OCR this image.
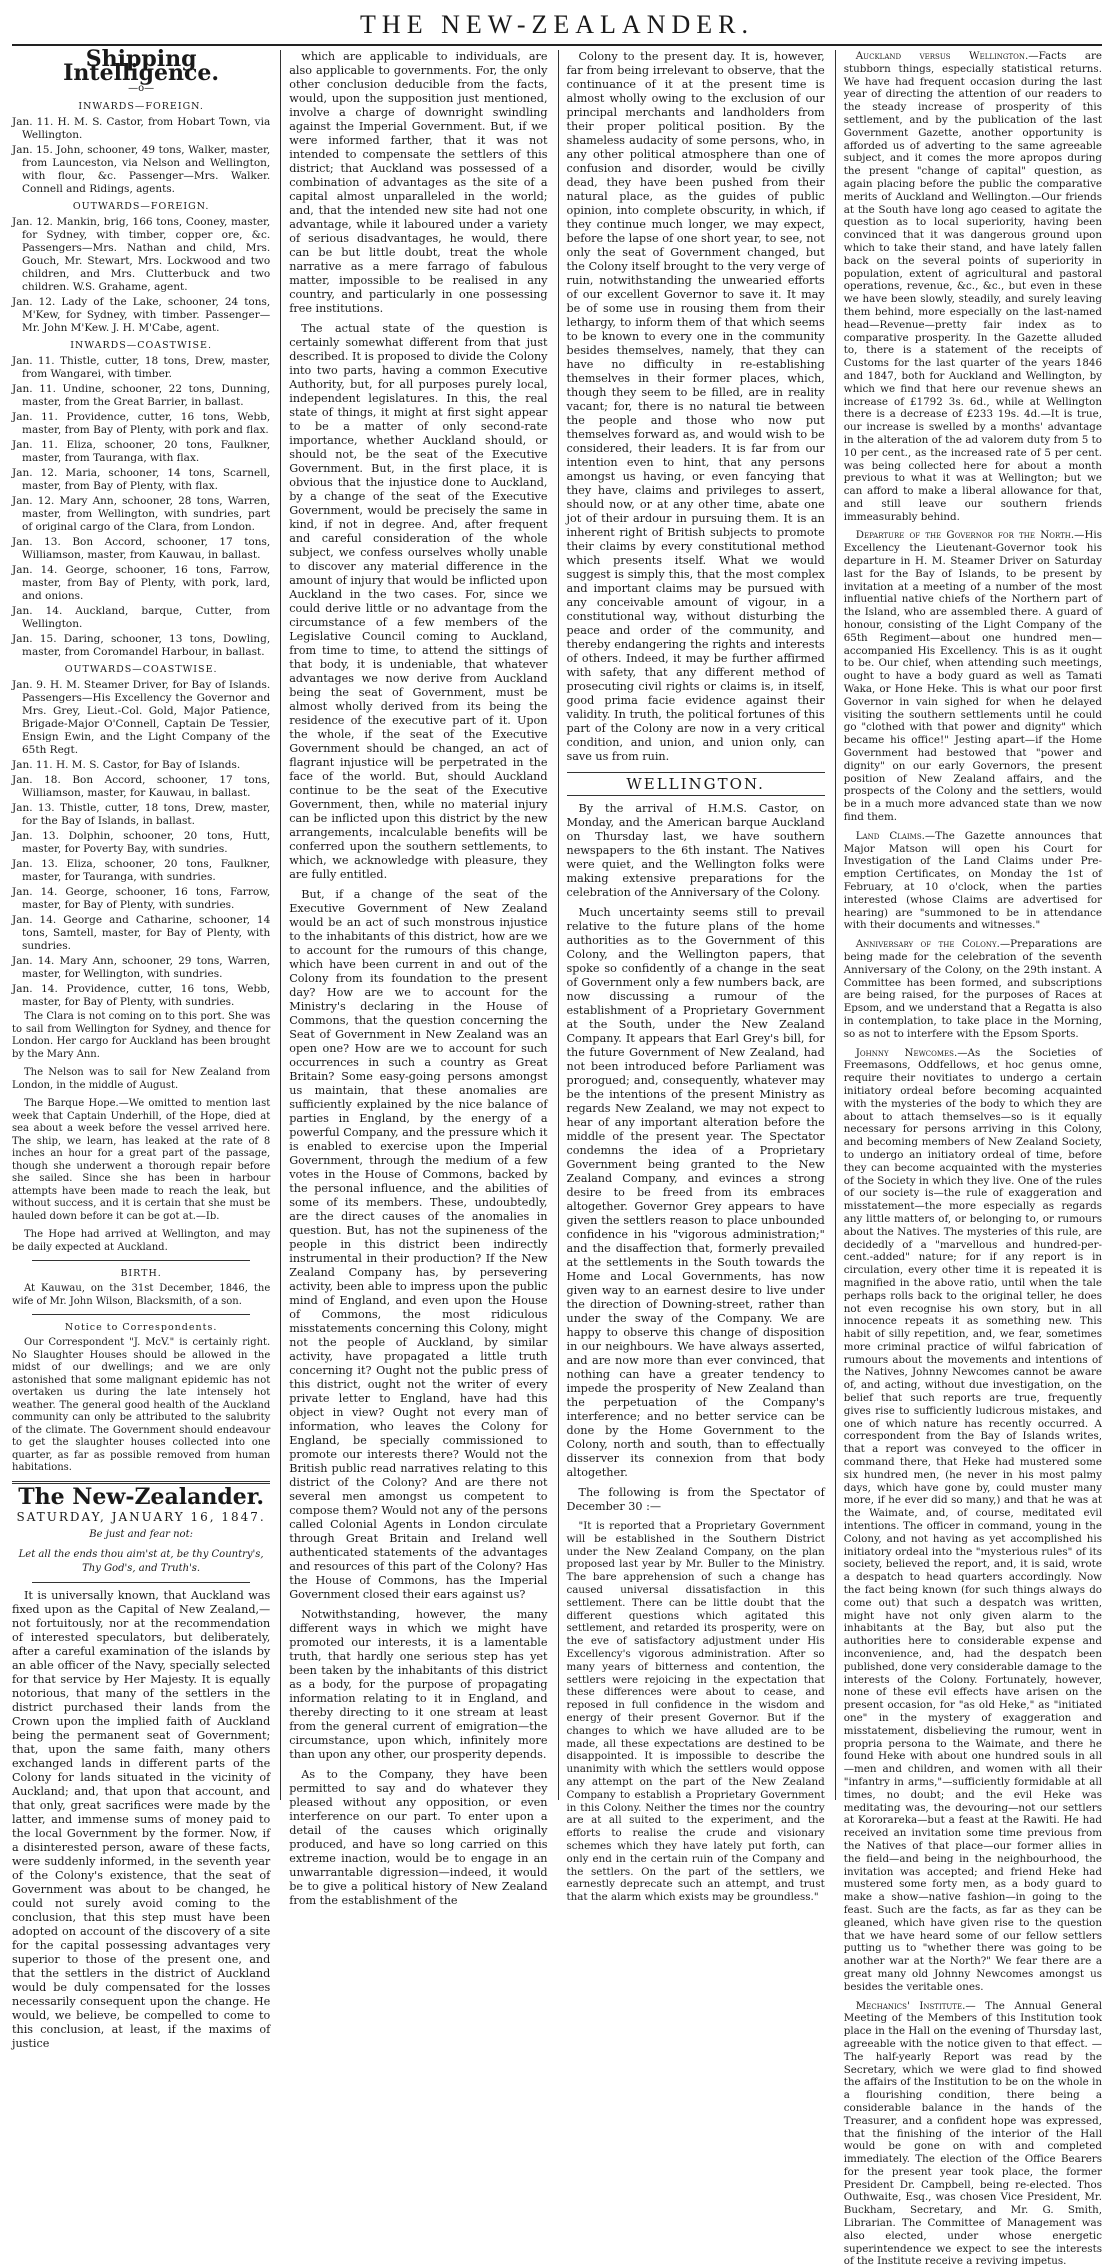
THE NEW-ZEALANDER.
Shipping Intelligence.
—o—
INWARDS—FOREIGN.

Jan. 11. H. M. S. Castor, from Hobart Town, via Wellington.

Jan. 15. John, schooner, 49 tons, Walker, master, from Launceston, via Nelson and Wellington, with flour, &c. Passenger—Mrs. Walker. Connell and Ridings, agents.

OUTWARDS—FOREIGN.

Jan. 12. Mankin, brig, 166 tons, Cooney, master, for Sydney, with timber, copper ore, &c. Passengers—Mrs. Nathan and child, Mrs. Gouch, Mr. Stewart, Mrs. Lockwood and two children, and Mrs. Clutterbuck and two children. W.S. Grahame, agent.

Jan. 12. Lady of the Lake, schooner, 24 tons, M'Kew, for Sydney, with timber. Passenger—Mr. John M'Kew. J. H. M'Cabe, agent.

INWARDS—COASTWISE.

Jan. 11. Thistle, cutter, 18 tons, Drew, master, from Wangarei, with timber.

Jan. 11. Undine, schooner, 22 tons, Dunning, master, from the Great Barrier, in ballast.

Jan. 11. Providence, cutter, 16 tons, Webb, master, from Bay of Plenty, with pork and flax.

Jan. 11. Eliza, schooner, 20 tons, Faulkner, master, from Tauranga, with flax.

Jan. 12. Maria, schooner, 14 tons, Scarnell, master, from Bay of Plenty, with flax.

Jan. 12. Mary Ann, schooner, 28 tons, Warren, master, from Wellington, with sundries, part of original cargo of the Clara, from London.

Jan. 13. Bon Accord, schooner, 17 tons, Williamson, master, from Kauwau, in ballast.

Jan. 14. George, schooner, 16 tons, Farrow, master, from Bay of Plenty, with pork, lard, and onions.

Jan. 14. Auckland, barque, Cutter, from Wellington.

Jan. 15. Daring, schooner, 13 tons, Dowling, master, from Coromandel Harbour, in ballast.

OUTWARDS—COASTWISE.

Jan. 9. H. M. Steamer Driver, for Bay of Islands. Passengers—His Excellency the Governor and Mrs. Grey, Lieut.-Col. Gold, Major Patience, Brigade-Major O'Connell, Captain De Tessier, Ensign Ewin, and the Light Company of the 65th Regt.

Jan. 11. H. M. S. Castor, for Bay of Islands.

Jan. 18. Bon Accord, schooner, 17 tons, Williamson, master, for Kauwau, in ballast.

Jan. 13. Thistle, cutter, 18 tons, Drew, master, for the Bay of Islands, in ballast.

Jan. 13. Dolphin, schooner, 20 tons, Hutt, master, for Poverty Bay, with sundries.

Jan. 13. Eliza, schooner, 20 tons, Faulkner, master, for Tauranga, with sundries.

Jan. 14. George, schooner, 16 tons, Farrow, master, for Bay of Plenty, with sundries.

Jan. 14. George and Catharine, schooner, 14 tons, Samtell, master, for Bay of Plenty, with sundries.

Jan. 14. Mary Ann, schooner, 29 tons, Warren, master, for Wellington, with sundries.

Jan. 14. Providence, cutter, 16 tons, Webb, master, for Bay of Plenty, with sundries.

The Clara is not coming on to this port. She was to sail from Wellington for Sydney, and thence for London. Her cargo for Auckland has been brought by the Mary Ann.

The Nelson was to sail for New Zealand from London, in the middle of August.

The Barque Hope.—We omitted to mention last week that Captain Underhill, of the Hope, died at sea about a week before the vessel arrived here. The ship, we learn, has leaked at the rate of 8 inches an hour for a great part of the passage, though she underwent a thorough repair before she sailed. Since she has been in harbour attempts have been made to reach the leak, but without success, and it is certain that she must be hauled down before it can be got at.—Ib.

The Hope had arrived at Wellington, and may be daily expected at Auckland.

BIRTH.

At Kauwau, on the 31st December, 1846, the wife of Mr. John Wilson, Blacksmith, of a son.

Notice to Correspondents.

Our Correspondent "J. McV." is certainly right. No Slaughter Houses should be allowed in the midst of our dwellings; and we are only astonished that some malignant epidemic has not overtaken us during the late intensely hot weather. The general good health of the Auckland community can only be attributed to the salubrity of the climate. The Government should endeavour to get the slaughter houses collected into one quarter, as far as possible removed from human habitations.

The New-Zealander.
SATURDAY, JANUARY 16, 1847.
Be just and fear not:
Let all the ends thou aim'st at, be thy Country's, Thy God's, and Truth's.

It is universally known, that Auckland was fixed upon as the Capital of New Zealand,—not fortuitously, nor at the recommendation of interested speculators, but deliberately, after a careful examination of the islands by an able officer of the Navy, specially selected for that service by Her Majesty. It is equally notorious, that many of the settlers in the district purchased their lands from the Crown upon the implied faith of Auckland being the permanent seat of Government; that, upon the same faith, many others exchanged lands in different parts of the Colony for lands situated in the vicinity of Auckland; and, that upon that account, and that only, great sacrifices were made by the latter, and immense sums of money paid to the local Government by the former. Now, if a disinterested person, aware of these facts, were suddenly informed, in the seventh year of the Colony's existence, that the seat of Government was about to be changed, he could not surely avoid coming to the conclusion, that this step must have been adopted on account of the discovery of a site for the capital possessing advantages very superior to those of the present one, and that the settlers in the district of Auckland would be duly compensated for the losses necessarily consequent upon the change. He would, we believe, be compelled to come to this conclusion, at least, if the maxims of justice

which are applicable to individuals, are also applicable to governments. For, the only other conclusion deducible from the facts, would, upon the supposition just mentioned, involve a charge of downright swindling against the Imperial Government. But, if we were informed farther, that it was not intended to compensate the settlers of this district; that Auckland was possessed of a combination of advantages as the site of a capital almost unparalleled in the world; and, that the intended new site had not one advantage, while it laboured under a variety of serious disadvantages, he would, there can be but little doubt, treat the whole narrative as a mere farrago of fabulous matter, impossible to be realised in any country, and particularly in one possessing free institutions.

The actual state of the question is certainly somewhat different from that just described. It is proposed to divide the Colony into two parts, having a common Executive Authority, but, for all purposes purely local, independent legislatures. In this, the real state of things, it might at first sight appear to be a matter of only second-rate importance, whether Auckland should, or should not, be the seat of the Executive Government. But, in the first place, it is obvious that the injustice done to Auckland, by a change of the seat of the Executive Government, would be precisely the same in kind, if not in degree. And, after frequent and careful consideration of the whole subject, we confess ourselves wholly unable to discover any material difference in the amount of injury that would be inflicted upon Auckland in the two cases. For, since we could derive little or no advantage from the circumstance of a few members of the Legislative Council coming to Auckland, from time to time, to attend the sittings of that body, it is undeniable, that whatever advantages we now derive from Auckland being the seat of Government, must be almost wholly derived from its being the residence of the executive part of it. Upon the whole, if the seat of the Executive Government should be changed, an act of flagrant injustice will be perpetrated in the face of the world. But, should Auckland continue to be the seat of the Executive Government, then, while no material injury can be inflicted upon this district by the new arrangements, incalculable benefits will be conferred upon the southern settlements, to which, we acknowledge with pleasure, they are fully entitled.

But, if a change of the seat of the Executive Government of New Zealand would be an act of such monstrous injustice to the inhabitants of this district, how are we to account for the rumours of this change, which have been current in and out of the Colony from its foundation to the present day? How are we to account for the Ministry's declaring in the House of Commons, that the question concerning the Seat of Government in New Zealand was an open one? How are we to account for such occurrences in such a country as Great Britain? Some easy-going persons amongst us maintain, that these anomalies are sufficiently explained by the nice balance of parties in England, by the energy of a powerful Company, and the pressure which it is enabled to exercise upon the Imperial Government, through the medium of a few votes in the House of Commons, backed by the personal influence, and the abilities of some of its members. These, undoubtedly, are the direct causes of the anomalies in question. But, has not the supineness of the people in this district been indirectly instrumental in their production? If the New Zealand Company has, by persevering activity, been able to impress upon the public mind of England, and even upon the House of Commons, the most ridiculous misstatements concerning this Colony, might not the people of Auckland, by similar activity, have propagated a little truth concerning it? Ought not the public press of this district, ought not the writer of every private letter to England, have had this object in view? Ought not every man of information, who leaves the Colony for England, be specially commissioned to promote our interests there? Would not the British public read narratives relating to this district of the Colony? And are there not several men amongst us competent to compose them? Would not any of the persons called Colonial Agents in London circulate through Great Britain and Ireland well authenticated statements of the advantages and resources of this part of the Colony? Has the House of Commons, has the Imperial Government closed their ears against us?

Notwithstanding, however, the many different ways in which we might have promoted our interests, it is a lamentable truth, that hardly one serious step has yet been taken by the inhabitants of this district as a body, for the purpose of propagating information relating to it in England, and thereby directing to it one stream at least from the general current of emigration—the circumstance, upon which, infinitely more than upon any other, our prosperity depends.

As to the Company, they have been permitted to say and do whatever they pleased without any opposition, or even interference on our part. To enter upon a detail of the causes which originally produced, and have so long carried on this extreme inaction, would be to engage in an unwarrantable digression—indeed, it would be to give a political history of New Zealand from the establishment of the

Colony to the present day. It is, however, far from being irrelevant to observe, that the continuance of it at the present time is almost wholly owing to the exclusion of our principal merchants and landholders from their proper political position. By the shameless audacity of some persons, who, in any other political atmosphere than one of confusion and disorder, would be civilly dead, they have been pushed from their natural place, as the guides of public opinion, into complete obscurity, in which, if they continue much longer, we may expect, before the lapse of one short year, to see, not only the seat of Government changed, but the Colony itself brought to the very verge of ruin, notwithstanding the unwearied efforts of our excellent Governor to save it. It may be of some use in rousing them from their lethargy, to inform them of that which seems to be known to every one in the community besides themselves, namely, that they can have no difficulty in re-establishing themselves in their former places, which, though they seem to be filled, are in reality vacant; for, there is no natural tie between the people and those who now put themselves forward as, and would wish to be considered, their leaders. It is far from our intention even to hint, that any persons amongst us having, or even fancying that they have, claims and privileges to assert, should now, or at any other time, abate one jot of their ardour in pursuing them. It is an inherent right of British subjects to promote their claims by every constitutional method which presents itself. What we would suggest is simply this, that the most complex and important claims may be pursued with any conceivable amount of vigour, in a constitutional way, without disturbing the peace and order of the community, and thereby endangering the rights and interests of others. Indeed, it may be further affirmed with safety, that any different method of prosecuting civil rights or claims is, in itself, good prima facie evidence against their validity. In truth, the political fortunes of this part of the Colony are now in a very critical condition, and union, and union only, can save us from ruin.

WELLINGTON.

By the arrival of H.M.S. Castor, on Monday, and the American barque Auckland on Thursday last, we have southern newspapers to the 6th instant. The Natives were quiet, and the Wellington folks were making extensive preparations for the celebration of the Anniversary of the Colony.

Much uncertainty seems still to prevail relative to the future plans of the home authorities as to the Government of this Colony, and the Wellington papers, that spoke so confidently of a change in the seat of Government only a few numbers back, are now discussing a rumour of the establishment of a Proprietary Government at the South, under the New Zealand Company. It appears that Earl Grey's bill, for the future Government of New Zealand, had not been introduced before Parliament was prorogued; and, consequently, whatever may be the intentions of the present Ministry as regards New Zealand, we may not expect to hear of any important alteration before the middle of the present year. The Spectator condemns the idea of a Proprietary Government being granted to the New Zealand Company, and evinces a strong desire to be freed from its embraces altogether. Governor Grey appears to have given the settlers reason to place unbounded confidence in his "vigorous administration;" and the disaffection that, formerly prevailed at the settlements in the South towards the Home and Local Governments, has now given way to an earnest desire to live under the direction of Downing-street, rather than under the sway of the Company. We are happy to observe this change of disposition in our neighbours. We have always asserted, and are now more than ever convinced, that nothing can have a greater tendency to impede the prosperity of New Zealand than the perpetuation of the Company's interference; and no better service can be done by the Home Government to the Colony, north and south, than to effectually disserver its connexion from that body altogether.

The following is from the Spectator of December 30 :—

"It is reported that a Proprietary Government will be established in the Southern District under the New Zealand Company, on the plan proposed last year by Mr. Buller to the Ministry. The bare apprehension of such a change has caused universal dissatisfaction in this settlement. There can be little doubt that the different questions which agitated this settlement, and retarded its prosperity, were on the eve of satisfactory adjustment under His Excellency's vigorous administration. After so many years of bitterness and contention, the settlers were rejoicing in the expectation that these differences were about to cease, and reposed in full confidence in the wisdom and energy of their present Governor. But if the changes to which we have alluded are to be made, all these expectations are destined to be disappointed. It is impossible to describe the unanimity with which the settlers would oppose any attempt on the part of the New Zealand Company to establish a Proprietary Government in this Colony. Neither the times nor the country are at all suited to the experiment, and the efforts to realise the crude and visionary schemes which they have lately put forth, can only end in the certain ruin of the Company and the settlers. On the part of the settlers, we earnestly deprecate such an attempt, and trust that the alarm which exists may be groundless."

Auckland versus Wellington.—Facts are stubborn things, especially statistical returns. We have had frequent occasion during the last year of directing the attention of our readers to the steady increase of prosperity of this settlement, and by the publication of the last Government Gazette, another opportunity is afforded us of adverting to the same agreeable subject, and it comes the more apropos during the present "change of capital" question, as again placing before the public the comparative merits of Auckland and Wellington.—Our friends at the South have long ago ceased to agitate the question as to local superiority, having been convinced that it was dangerous ground upon which to take their stand, and have lately fallen back on the several points of superiority in population, extent of agricultural and pastoral operations, revenue, &c., &c., but even in these we have been slowly, steadily, and surely leaving them behind, more especially on the last-named head—Revenue—pretty fair index as to comparative prosperity. In the Gazette alluded to, there is a statement of the receipts of Customs for the last quarter of the years 1846 and 1847, both for Auckland and Wellington, by which we find that here our revenue shews an increase of £1792 3s. 6d., while at Wellington there is a decrease of £233 19s. 4d.—It is true, our increase is swelled by a months' advantage in the alteration of the ad valorem duty from 5 to 10 per cent., as the increased rate of 5 per cent. was being collected here for about a month previous to what it was at Wellington; but we can afford to make a liberal allowance for that, and still leave our southern friends immeasurably behind.

Departure of the Governor for the North.—His Excellency the Lieutenant-Governor took his departure in H. M. Steamer Driver on Saturday last for the Bay of Islands, to be present by invitation at a meeting of a number of the most influential native chiefs of the Northern part of the Island, who are assembled there. A guard of honour, consisting of the Light Company of the 65th Regiment—about one hundred men—accompanied His Excellency. This is as it ought to be. Our chief, when attending such meetings, ought to have a body guard as well as Tamati Waka, or Hone Heke. This is what our poor first Governor in vain sighed for when he delayed visiting the southern settlements until he could go "clothed with that power and dignity" which became his office!" Jesting apart—if the Home Government had bestowed that "power and dignity" on our early Governors, the present position of New Zealand affairs, and the prospects of the Colony and the settlers, would be in a much more advanced state than we now find them.

Land Claims.—The Gazette announces that Major Matson will open his Court for Investigation of the Land Claims under Pre-emption Certificates, on Monday the 1st of February, at 10 o'clock, when the parties interested (whose Claims are advertised for hearing) are "summoned to be in attendance with their documents and witnesses."

Anniversary of the Colony.—Preparations are being made for the celebration of the seventh Anniversary of the Colony, on the 29th instant. A Committee has been formed, and subscriptions are being raised, for the purposes of Races at Epsom, and we understand that a Regatta is also in contemplation, to take place in the Morning, so as not to interfere with the Epsom Sports.

Johnny Newcomes.—As the Societies of Freemasons, Oddfellows, et hoc genus omne, require their novitiates to undergo a certain initiatory ordeal before becoming acquainted with the mysteries of the body to which they are about to attach themselves—so is it equally necessary for persons arriving in this Colony, and becoming members of New Zealand Society, to undergo an initiatory ordeal of time, before they can become acquainted with the mysteries of the Society in which they live. One of the rules of our society is—the rule of exaggeration and misstatement—the more especially as regards any little matters of, or belonging to, or rumours about the Natives. The mysteries of this rule, are decidedly of a "marvellous and hundred-per-cent.-added" nature; for if any report is in circulation, every other time it is repeated it is magnified in the above ratio, until when the tale perhaps rolls back to the original teller, he does not even recognise his own story, but in all innocence repeats it as something new. This habit of silly repetition, and, we fear, sometimes more criminal practice of wilful fabrication of rumours about the movements and intentions of the Natives, Johnny Newcomes cannot be aware of, and acting, without due investigation, on the belief that such reports are true, frequently gives rise to sufficiently ludicrous mistakes, and one of which nature has recently occurred. A correspondent from the Bay of Islands writes, that a report was conveyed to the officer in command there, that Heke had mustered some six hundred men, (he never in his most palmy days, which have gone by, could muster many more, if he ever did so many,) and that he was at the Waimate, and, of course, meditated evil intentions. The officer in command, young in the Colony, and not having as yet accomplished his initiatory ordeal into the "mysterious rules" of its society, believed the report, and, it is said, wrote a despatch to head quarters accordingly. Now the fact being known (for such things always do come out) that such a despatch was written, might have not only given alarm to the inhabitants at the Bay, but also put the authorities here to considerable expense and inconvenience, and, had the despatch been published, done very considerable damage to the interests of the Colony. Fortunately, however, none of these evil effects have arisen on the present occasion, for "as old Heke," as "initiated one" in the mystery of exaggeration and misstatement, disbelieving the rumour, went in propria persona to the Waimate, and there he found Heke with about one hundred souls in all—men and children, and women with all their "infantry in arms,"—sufficiently formidable at all times, no doubt; and the evil Heke was meditating was, the devouring—not our settlers at Kororareka—but a feast at the Rawiti. He had received an invitation some time previous from the Natives of that place—our former allies in the field—and being in the neighbourhood, the invitation was accepted; and friend Heke had mustered some forty men, as a body guard to make a show—native fashion—in going to the feast. Such are the facts, as far as they can be gleaned, which have given rise to the question that we have heard some of our fellow settlers putting us to "whether there was going to be another war at the North?" We fear there are a great many old Johnny Newcomes amongst us besides the veritable ones.

Mechanics' Institute.— The Annual General Meeting of the Members of this Institution took place in the Hall on the evening of Thursday last, agreeable with the notice given to that effect. — The half-yearly Report was read by the Secretary, which we were glad to find showed the affairs of the Institution to be on the whole in a flourishing condition, there being a considerable balance in the hands of the Treasurer, and a confident hope was expressed, that the finishing of the interior of the Hall would be gone on with and completed immediately. The election of the Office Bearers for the present year took place, the former President Dr. Campbell, being re-elected. Thos Outhwaite, Esq., was chosen Vice President, Mr. Buckham, Secretary, and Mr. G. Smith, Librarian. The Committee of Management was also elected, under whose energetic superintendence we expect to see the interests of the Institute receive a reviving impetus.
